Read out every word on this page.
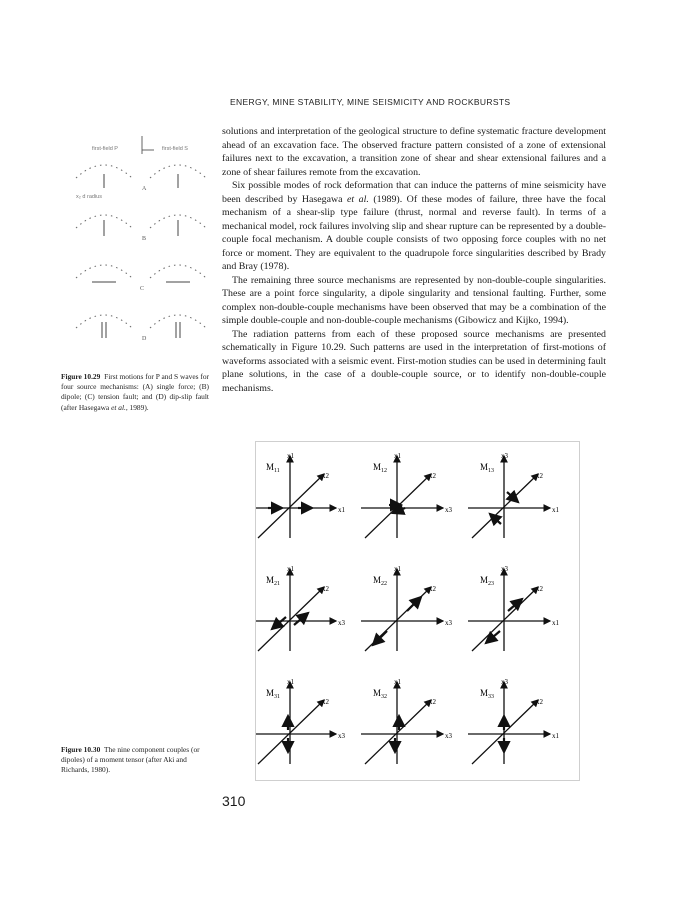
ENERGY, MINE STABILITY, MINE SEISMICITY AND ROCKBURSTS

solutions and interpretation of the geological structure to define systematic fracture development ahead of an excavation face. The observed fracture pattern consisted of a zone of extensional failures next to the excavation, a transition zone of shear and shear extensional failures and a zone of shear failures remote from the excavation.

Six possible modes of rock deformation that can induce the patterns of mine seismicity have been described by Hasegawa et al. (1989). Of these modes of failure, three have the focal mechanism of a shear-slip type failure (thrust, normal and reverse fault). In terms of a mechanical model, rock failures involving slip and shear rupture can be represented by a double-couple focal mechanism. A double couple consists of two opposing force couples with no net force or moment. They are equivalent to the quadrupole force singularities described by Brady and Bray (1978).

The remaining three source mechanisms are represented by non-double-couple singularities. These are a point force singularity, a dipole singularity and tensional faulting. Further, some complex non-double-couple mechanisms have been observed that may be a combination of the simple double-couple and non-double-couple mechanisms (Gibowicz and Kijko, 1994).

The radiation patterns from each of these proposed source mechanisms are presented schematically in Figure 10.29. Such patterns are used in the interpretation of first-motions of waveforms associated with a seismic event. First-motion studies can be used in determining fault plane solutions, in the case of a double-couple source, or to identify non-double-couple mechanisms.

first-field P	first-field S
x₂ d radius
A
B
C
D
Figure 10.29 First motions for P and S waves for four source mechanisms: (A) single force; (B) dipole; (C) tension fault; and (D) dip-slip fault (after Hasegawa et al., 1989).
$M_{11}$
x1
x2
x1
$M_{12}$
x1
x2
x3
$M_{13}$
x3
x2
x1
$M_{21}$
x1
x2
x3
$M_{22}$
x1
x2
x3
$M_{23}$
x3
x2
x1
$M_{31}$
x1
x2
x3
$M_{32}$
x1
x2
x3
$M_{33}$
x3
x2
x1
Figure 10.30 The nine component couples (or dipoles) of a moment tensor (after Aki and Richards, 1980).
310
